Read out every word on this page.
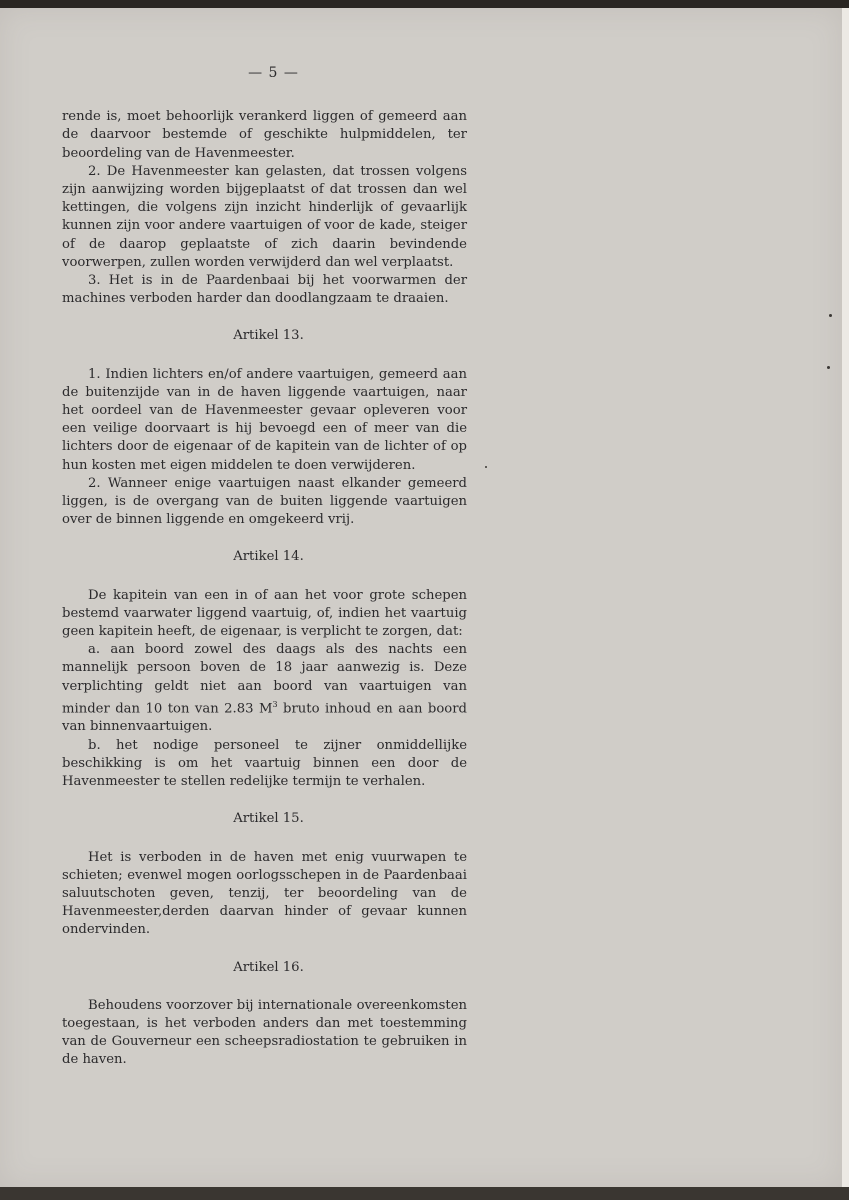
— 5 —

rende is, moet behoorlijk verankerd liggen of gemeerd aan de daarvoor bestemde of geschikte hulpmiddelen, ter beoordeling van de Havenmeester.

2. De Havenmeester kan gelasten, dat trossen volgens zijn aanwijzing worden bijgeplaatst of dat trossen dan wel kettingen, die volgens zijn inzicht hinderlijk of gevaarlijk kunnen zijn voor andere vaartuigen of voor de kade, steiger of de daarop geplaatste of zich daarin bevindende voorwerpen, zullen worden verwijderd dan wel verplaatst.

3. Het is in de Paardenbaai bij het voorwarmen der machines verboden harder dan doodlangzaam te draaien.

Artikel 13.

1. Indien lichters en/of andere vaartuigen, gemeerd aan de buitenzijde van in de haven liggende vaartuigen, naar het oordeel van de Havenmeester gevaar opleveren voor een veilige doorvaart is hij bevoegd een of meer van die lichters door de eigenaar of de kapitein van de lichter of op hun kosten met eigen middelen te doen verwijderen.

2. Wanneer enige vaartuigen naast elkander gemeerd liggen, is de overgang van de buiten liggende vaartuigen over de binnen liggende en omgekeerd vrij.

Artikel 14.

De kapitein van een in of aan het voor grote schepen bestemd vaarwater liggend vaartuig, of, indien het vaartuig geen kapitein heeft, de eigenaar, is verplicht te zorgen, dat:

a. aan boord zowel des daags als des nachts een mannelijk persoon boven de 18 jaar aanwezig is. Deze verplichting geldt niet aan boord van vaartuigen van minder dan 10 ton van 2.83 $M^3$ bruto inhoud en aan boord van binnenvaartuigen.

b. het nodige personeel te zijner onmiddellijke beschikking is om het vaartuig binnen een door de Havenmeester te stellen redelijke termijn te verhalen.

Artikel 15.

Het is verboden in de haven met enig vuurwapen te schieten; evenwel mogen oorlogsschepen in de Paardenbaai saluutschoten geven, tenzij, ter beoordeling van de Havenmeester,derden daarvan hinder of gevaar kunnen ondervinden.

Artikel 16.

Behoudens voorzover bij internationale overeenkomsten toegestaan, is het verboden anders dan met toestemming van de Gouverneur een scheepsradiostation te gebruiken in de haven.
